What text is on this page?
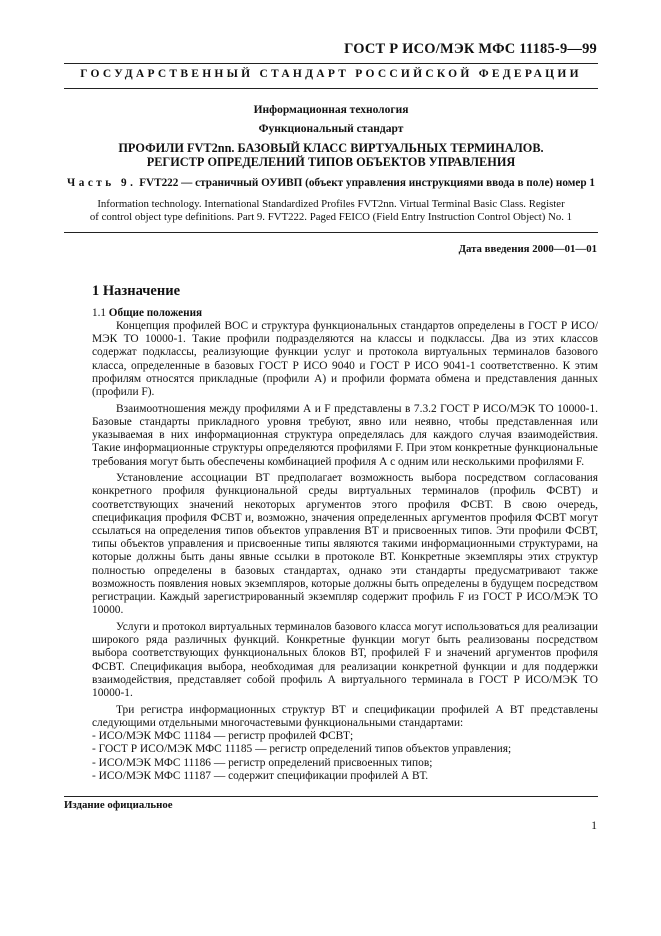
ГОСТ Р ИСО/МЭК МФС 11185-9—99
ГОСУДАРСТВЕННЫЙ СТАНДАРТ РОССИЙСКОЙ ФЕДЕРАЦИИ
Информационная технология
Функциональный стандарт
ПРОФИЛИ FVT2nn. БАЗОВЫЙ КЛАСС ВИРТУАЛЬНЫХ ТЕРМИНАЛОВ.
РЕГИСТР ОПРЕДЕЛЕНИЙ ТИПОВ ОБЪЕКТОВ УПРАВЛЕНИЯ
Часть 9. FVT222 — страничный ОУИВП (объект управления инструкциями ввода в поле) номер 1
Information technology. International Standardized Profiles FVT2nn. Virtual Terminal Basic Class. Register
of control object type definitions. Part 9. FVT222. Paged FEICO (Field Entry Instruction Control Object) No. 1
Дата введения 2000—01—01
1 Назначение
1.1 Общие положения

Концепция профилей ВОС и структура функциональных стандартов определены в ГОСТ Р ИСО/МЭК ТО 10000-1. Такие профили подразделяются на классы и подклассы. Два из этих классов содержат подклассы, реализующие функции услуг и протокола виртуальных терминалов базового класса, определенные в базовых ГОСТ Р ИСО 9040 и ГОСТ Р ИСО 9041-1 соответственно. К этим профилям относятся прикладные (профили А) и профили формата обмена и представления данных (профили F).

Взаимоотношения между профилями А и F представлены в 7.3.2 ГОСТ Р ИСО/МЭК ТО 10000-1. Базовые стандарты прикладного уровня требуют, явно или неявно, чтобы представленная или указываемая в них информационная структура определялась для каждого случая взаимодействия. Такие информационные структуры определяются профилями F. При этом конкретные функциональные требования могут быть обеспечены комбинацией профиля А с одним или несколькими профилями F.

Установление ассоциации ВТ предполагает возможность выбора посредством согласования конкретного профиля функциональной среды виртуальных терминалов (профиль ФСВТ) и соответствующих значений некоторых аргументов этого профиля ФСВТ. В свою очередь, спецификация профиля ФСВТ и, возможно, значения определенных аргументов профиля ФСВТ могут ссылаться на определения типов объектов управления ВТ и присвоенных типов. Эти профили ФСВТ, типы объектов управления и присвоенные типы являются такими информационными структурами, на которые должны быть даны явные ссылки в протоколе ВТ. Конкретные экземпляры этих структур полностью определены в базовых стандартах, однако эти стандарты предусматривают также возможность появления новых экземпляров, которые должны быть определены в будущем посредством регистрации. Каждый зарегистрированный экземпляр содержит профиль F из ГОСТ Р ИСО/МЭК ТО 10000.

Услуги и протокол виртуальных терминалов базового класса могут использоваться для реализации широкого ряда различных функций. Конкретные функции могут быть реализованы посредством выбора соответствующих функциональных блоков ВТ, профилей F и значений аргументов профиля ФСВТ. Спецификация выбора, необходимая для реализации конкретной функции и для поддержки взаимодействия, представляет собой профиль А виртуального терминала в ГОСТ Р ИСО/МЭК ТО 10000-1.

Три регистра информационных структур ВТ и спецификации профилей А ВТ представлены следующими отдельными многочастевыми функциональными стандартами:

- ИСО/МЭК МФС 11184 — регистр профилей ФСВТ;
- ГОСТ Р ИСО/МЭК МФС 11185 — регистр определений типов объектов управления;
- ИСО/МЭК МФС 11186 — регистр определений присвоенных типов;
- ИСО/МЭК МФС 11187 — содержит спецификации профилей А ВТ.
Издание официальное
1
